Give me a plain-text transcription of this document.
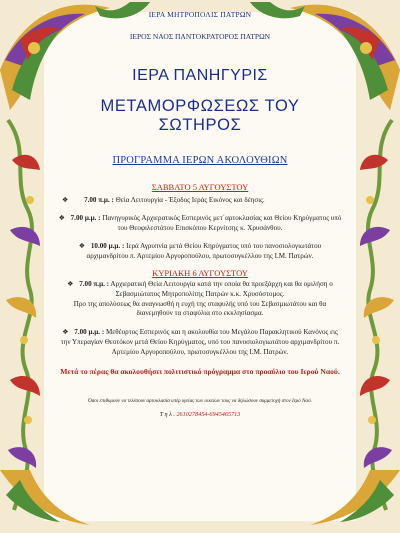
ΙΕΡΑ ΜΗΤΡΟΠΟΛΙΣ ΠΑΤΡΩΝ
ΙΕΡΟΣ ΝΑΟΣ ΠΑΝΤΟΚΡΑΤΟΡΟΣ ΠΑΤΡΩΝ
ΙΕΡΑ ΠΑΝΗΓΥΡΙΣ
ΜΕΤΑΜΟΡΦΩΣΕΩΣ ΤΟΥ ΣΩΤΗΡΟΣ
ΠΡΟΓΡΑΜΜΑ ΙΕΡΩΝ ΑΚΟΛΟΥΘΙΩΝ
ΣΑΒΒΑΤΟ 5 ΑΥΓΟΥΣΤΟΥ
❖ 7.00 π.μ. : Θεία Λειτουργία - Έξοδος Ιεράς Εικόνος και δέησις.
❖ 7.00 μ.μ. : Πανηγυρικός Αρχιερατικός Εσπερινός μετ΄αρτοκλασίας και Θείου Κηρύγματος υπό του Θεοφιλεστάτου Επισκόπου Κερνίτσης κ. Χρυσάνθου.
❖ 10.00 μ.μ. : Ιερά Αγρυπνία μετά Θείου Κηρύγματος υπό του πανοσιολογιωτάτου αρχιμανδρίτου π. Αρτεμίου Αργυροπούλου, πρωτοσυγκέλλου της Ι.Μ. Πατρών.
ΚΥΡΙΑΚΗ 6 ΑΥΓΟΥΣΤΟΥ
❖ 7.00 π.μ. : Αρχιερατική Θεία Λειτουργία κατά την οποία θα προεξάρχη και θα ομιλήση ο Σεβασμιώτατος Μητροπολίτης Πατρών κ.κ. Χρυσόστομος.
Προ της απολύσεως θα αναγνωσθή η ευχή της σταφυλής υπό του Σεβασμιωτάτου και θα διανεμηθούν τα σταφύλια στο εκκλησίασμα.
❖ 7.00 μ.μ. : Μεθέορτος Εσπερινός και η ακολουθία του Μεγάλου Παρακλητικού Κανόνος εις την Υπεραγίαν Θεοτόκον μετά Θείου Κηρύγματος, υπό του πανοσιολογιωτάτου αρχιμανδρίτου π. Αρτεμίου Αργυροπούλου, πρωτοσυγκέλλου της Ι.Μ. Πατρών.
Μετά το πέρας θα ακολουθήσει πολιτιστικό πρόγραμμα στο προαύλιο του Ιερού Ναού.
Όσοι επιθυμούν να τελέσουν αρτοκλασία υπέρ υγείας των οικείων τους να δηλώσουν συμμετοχή στον Ιερό Ναό.
Τ η λ . 2610278454-6945465713
